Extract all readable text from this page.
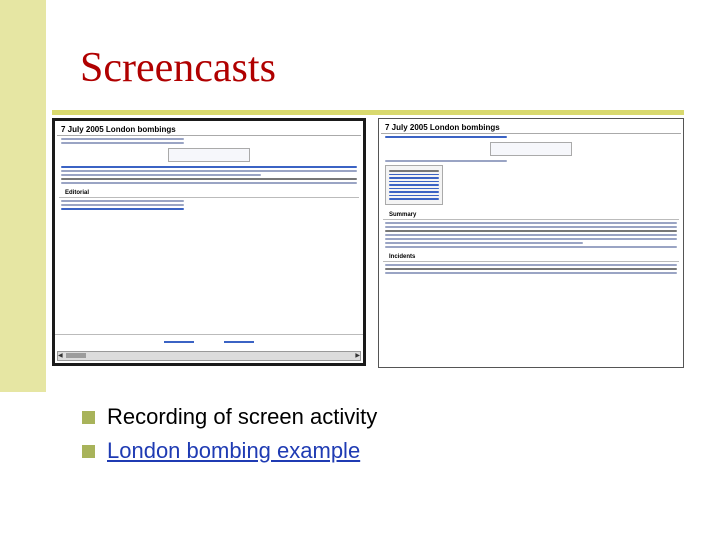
Screencasts
7 July 2005 London bombings
Editorial
◀	▶
7 July 2005 London bombings
Summary
Incidents
Recording of screen activity
London bombing example
